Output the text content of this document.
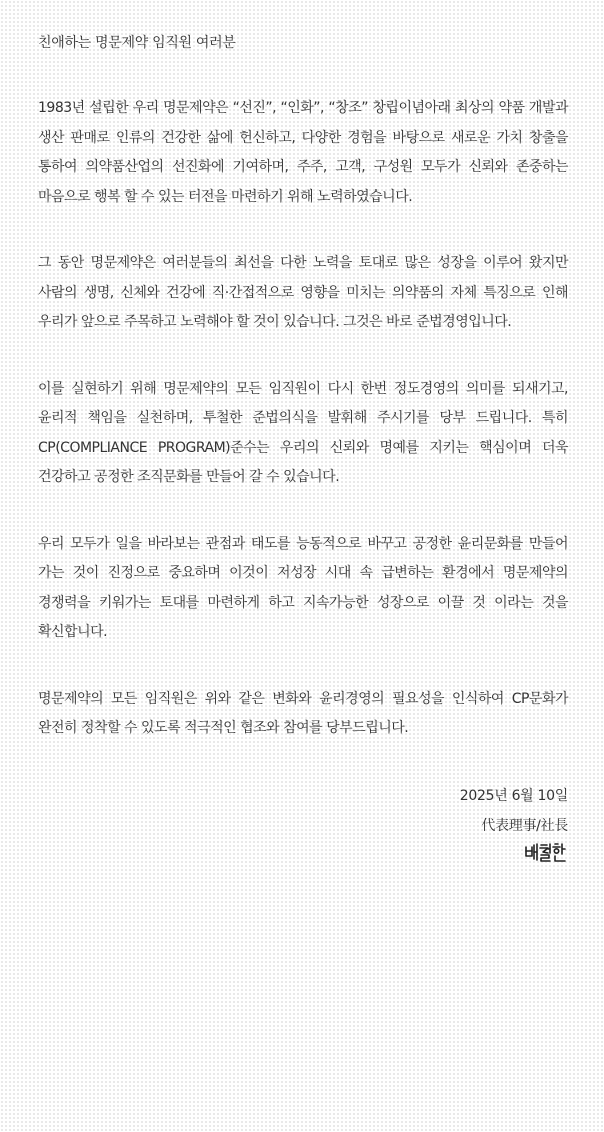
친애하는 명문제약 임직원 여러분

1983년 설립한 우리 명문제약은 “선진”, “인화”, “창조” 창립이념아래 최상의 약품 개발과 생산 판매로 인류의 건강한 삶에 헌신하고, 다양한 경험을 바탕으로 새로운 가치 창출을 통하여 의약품산업의 선진화에 기여하며, 주주, 고객, 구성원 모두가 신뢰와 존중하는 마음으로 행복 할 수 있는 터전을 마련하기 위해 노력하였습니다.

그 동안 명문제약은 여러분들의 최선을 다한 노력을 토대로 많은 성장을 이루어 왔지만 사람의 생명, 신체와 건강에 직·간접적으로 영향을 미치는 의약품의 자체 특징으로 인해 우리가 앞으로 주목하고 노력해야 할 것이 있습니다. 그것은 바로 준법경영입니다.

이를 실현하기 위해 명문제약의 모든 임직원이 다시 한번 정도경영의 의미를 되새기고, 윤리적 책임을 실천하며, 투철한 준법의식을 발휘해 주시기를 당부 드립니다. 특히 CP(COMPLIANCE PROGRAM)준수는 우리의 신뢰와 명예를 지키는 핵심이며 더욱 건강하고 공정한 조직문화를 만들어 갈 수 있습니다.

우리 모두가 일을 바라보는 관점과 태도를 능동적으로 바꾸고 공정한 윤리문화를 만들어 가는 것이 진정으로 중요하며 이것이 저성장 시대 속 급변하는 환경에서 명문제약의 경쟁력을 키워가는 토대를 마련하게 하고 지속가능한 성장으로 이끌 것 이라는 것을 확신합니다.

명문제약의 모든 임직원은 위와 같은 변화와 윤리경영의 필요성을 인식하여 CP문화가 완전히 정착할 수 있도록 적극적인 협조와 참여를 당부드립니다.

2025년 6월 10일
代表理事/社長
